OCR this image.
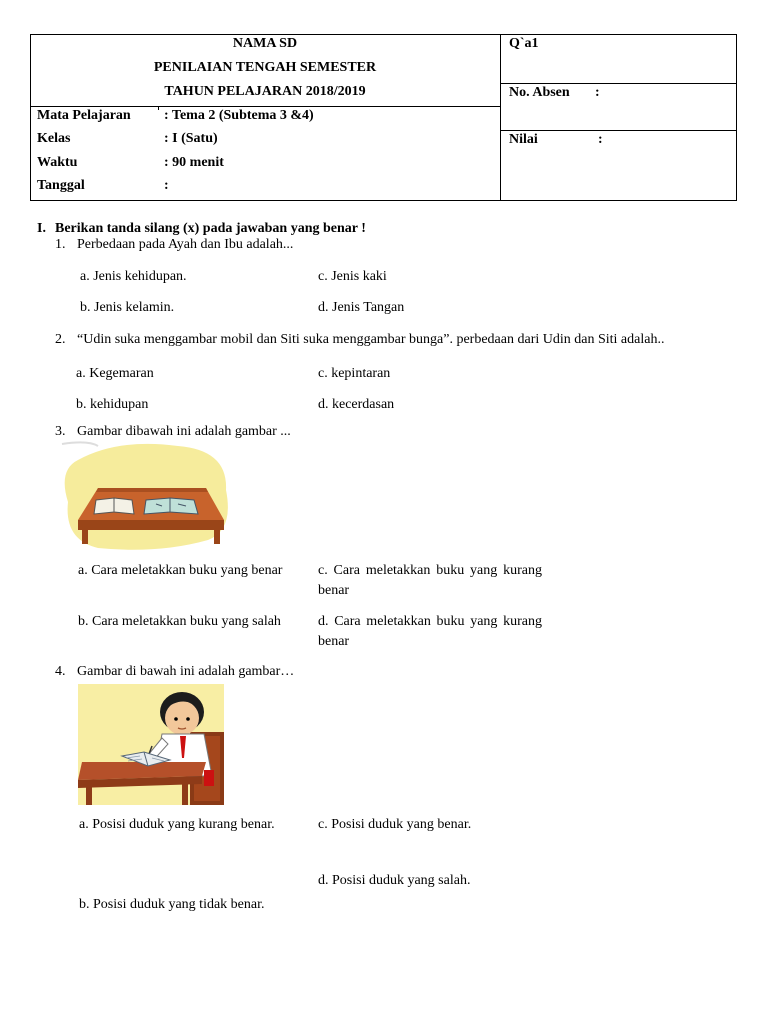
NAMA SD
PENILAIAN TENGAH SEMESTER
TAHUN PELAJARAN 2018/2019
Q`a1
No. Absen :
Nilai	:
Mata Pelajaran : Tema 2 (Subtema 3 &4)
Kelas	: I (Satu)
Waktu	: 90 menit
Tanggal	:
I. Berikan tanda silang (x) pada jawaban yang benar !
1. Perbedaan pada Ayah dan Ibu adalah...
a. Jenis kehidupan.	c. Jenis kaki
b. Jenis kelamin.	d. Jenis Tangan
2. “Udin suka menggambar mobil dan Siti suka menggambar bunga”. perbedaan dari Udin dan Siti adalah..
a. Kegemaran	c. kepintaran
b. kehidupan	d. kecerdasan
3. Gambar dibawah ini adalah gambar ...
a. Cara meletakkan buku yang benar	c. Cara meletakkan buku yang kurang benar
b. Cara meletakkan buku yang salah	d. Cara meletakkan buku yang kurang benar
4. Gambar di bawah ini adalah gambar…
a. Posisi duduk yang kurang benar.	c. Posisi duduk yang benar.
d. Posisi duduk yang salah.
b. Posisi duduk yang tidak benar.
